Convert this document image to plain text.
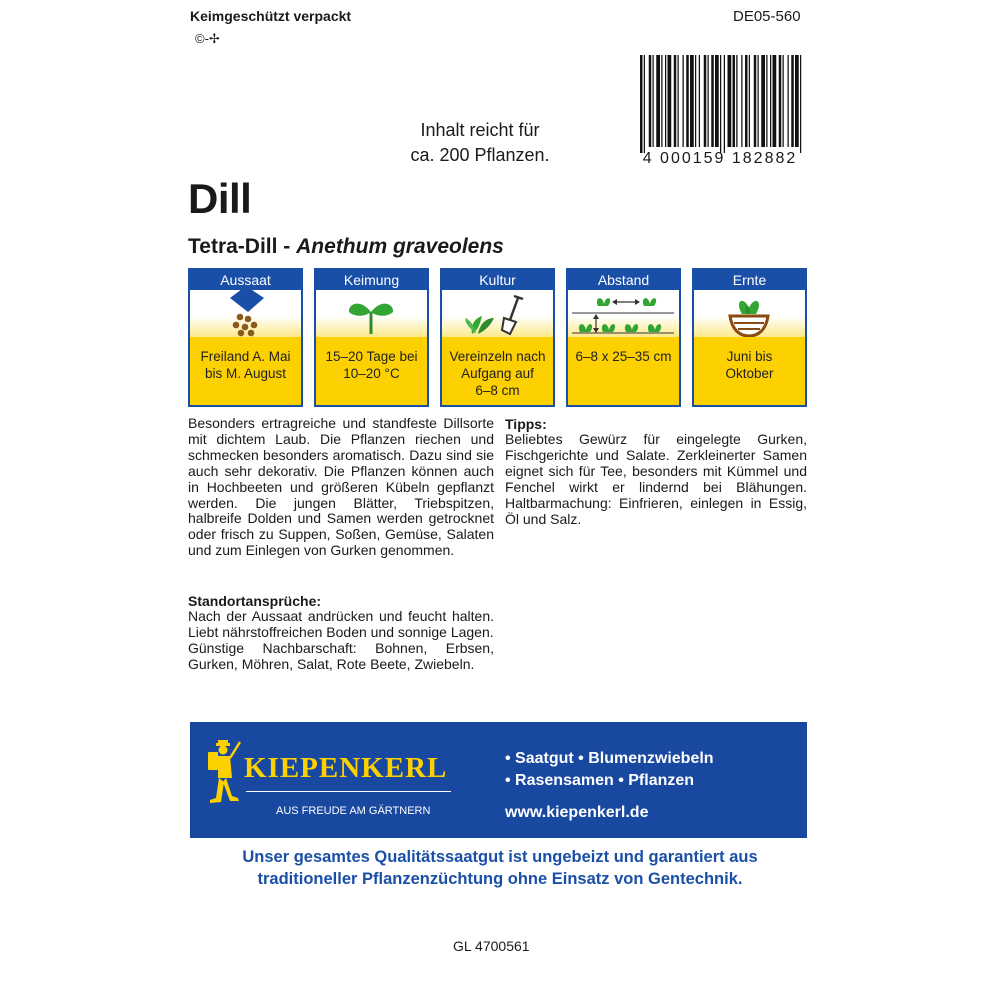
Keimgeschützt verpackt
©-✢
DE05-560
4 000159 182882
Inhalt reicht für
ca. 200 Pflanzen.
Dill
Tetra-Dill - Anethum graveolens
Aussaat
Freiland A. Mai
bis M. August
Keimung
15–20 Tage bei
10–20 °C
Kultur
Vereinzeln nach
Aufgang auf
6–8 cm
Abstand
6–8 x 25–35 cm
Ernte
Juni bis
Oktober
Besonders ertragreiche und standfeste Dillsorte mit dichtem Laub. Die Pflanzen riechen und schmecken besonders aromatisch. Dazu sind sie auch sehr dekorativ. Die Pflanzen können auch in Hochbeeten und größeren Kübeln gepflanzt werden. Die jungen Blätter, Triebspitzen, halbreife Dolden und Samen werden getrocknet oder frisch zu Suppen, Soßen, Gemüse, Salaten und zum Einlegen von Gurken genommen.
Standortansprüche:
Nach der Aussaat andrücken und feucht halten. Liebt nährstoffreichen Boden und sonnige Lagen.
Günstige Nachbarschaft: Bohnen, Erbsen, Gurken, Möhren, Salat, Rote Beete, Zwiebeln.
Tipps:
Beliebtes Gewürz für eingelegte Gurken, Fischgerichte und Salate. Zerkleinerter Samen eignet sich für Tee, besonders mit Kümmel und Fenchel wirkt er lindernd bei Blähungen. Haltbarmachung: Einfrieren, einlegen in Essig, Öl und Salz.
KIEPENKERL
AUS FREUDE AM GÄRTNERN
• Saatgut • Blumenzwiebeln
• Rasensamen • Pflanzen
www.kiepenkerl.de
Unser gesamtes Qualitätssaatgut ist ungebeizt und garantiert aus
traditioneller Pflanzenzüchtung ohne Einsatz von Gentechnik.
GL 4700561
